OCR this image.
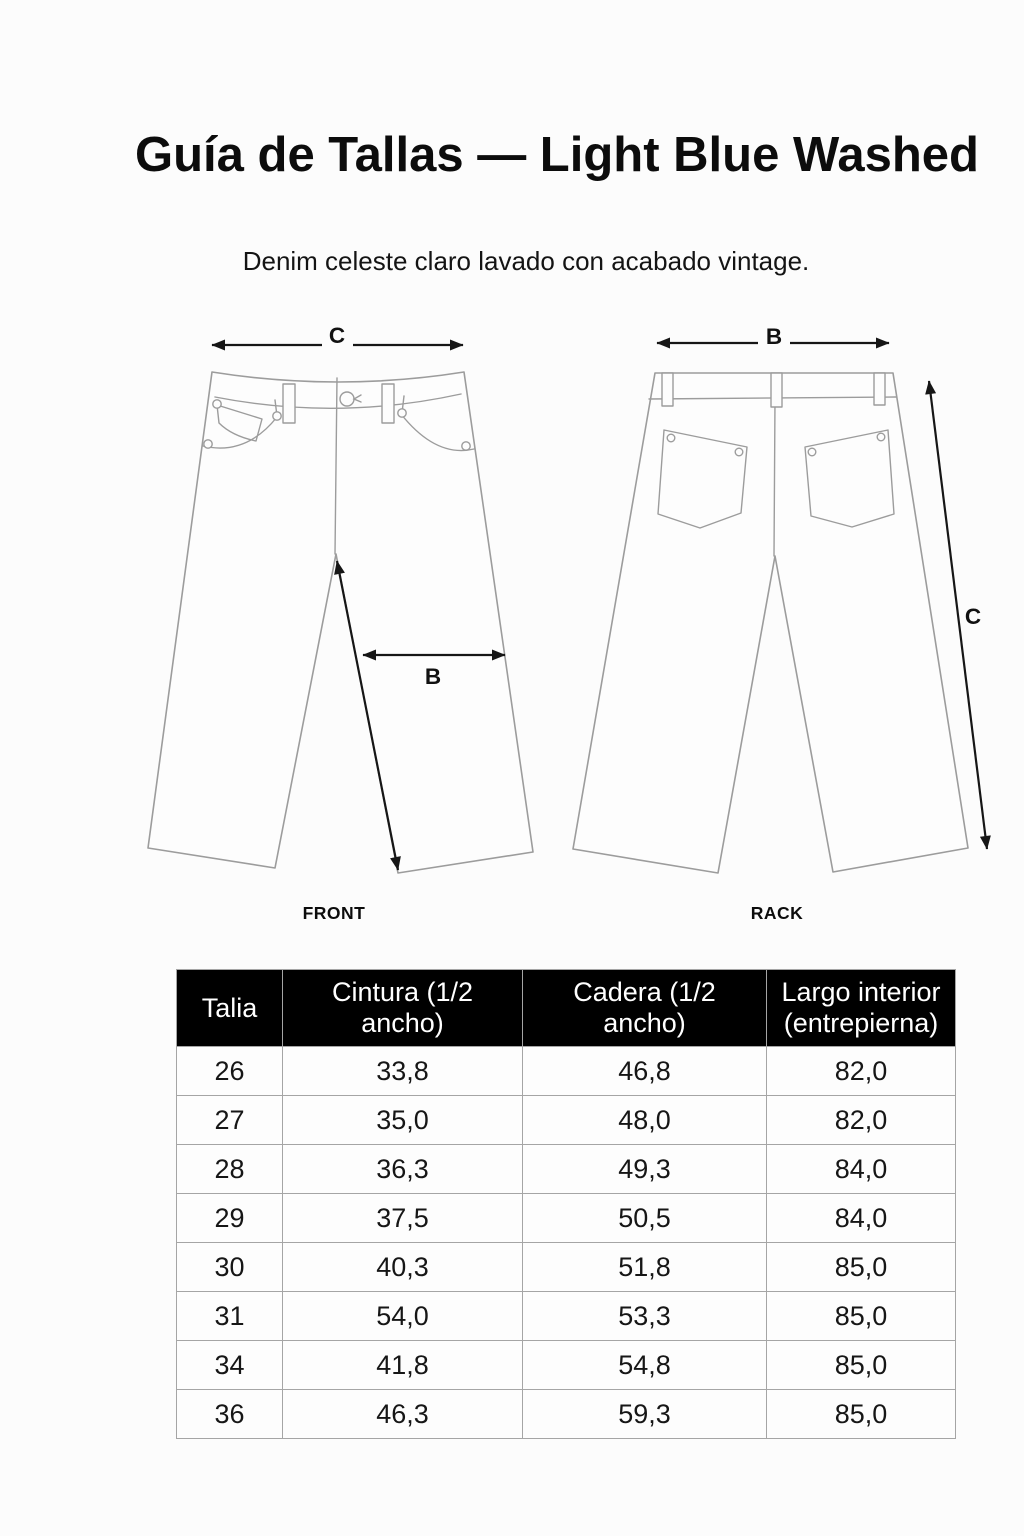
Guía de Tallas — Light Blue Washed
Denim celeste claro lavado con acabado vintage.
C
B
B
C
FRONT	RACK
Talia	Cintura (1/2 ancho)	Cadera (1/2 ancho)	Largo interior (entrepierna)
26	33,8	46,8	82,0
27	35,0	48,0	82,0
28	36,3	49,3	84,0
29	37,5	50,5	84,0
30	40,3	51,8	85,0
31	54,0	53,3	85,0
34	41,8	54,8	85,0
36	46,3	59,3	85,0
